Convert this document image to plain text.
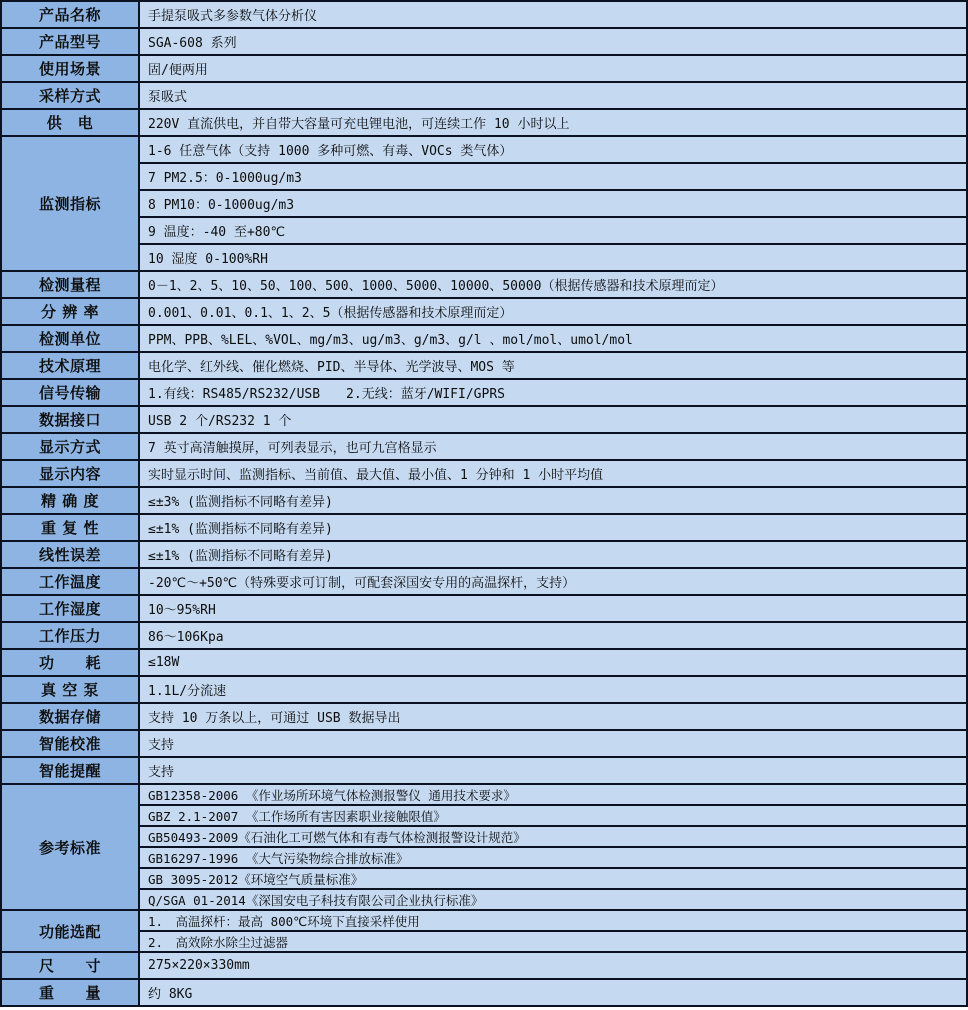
产品名称	手提泵吸式多参数气体分析仪
产品型号	SGA-608 系列
使用场景	固/便两用
采样方式	泵吸式
供　电	220V 直流供电，并自带大容量可充电锂电池，可连续工作 10 小时以上
监测指标
1-6 任意气体（支持 1000 多种可燃、有毒、VOCs 类气体）
7 PM2.5：0-1000ug/m3
8 PM10：0-1000ug/m3
9 温度：-40 至+80℃
10 湿度 0-100%RH
检测量程	0－1、2、5、10、50、100、500、1000、5000、10000、50000（根据传感器和技术原理而定）
分 辨 率	0.001、0.01、0.1、1、2、5（根据传感器和技术原理而定）
检测单位	PPM、PPB、%LEL、%VOL、mg/m3、ug/m3、g/m3、g/l 、mol/mol、umol/mol
技术原理	电化学、红外线、催化燃烧、PID、半导体、光学波导、MOS 等
信号传输	1.有线：RS485/RS232/USB　　2.无线：蓝牙/WIFI/GPRS
数据接口	USB 2 个/RS232 1 个
显示方式	7 英寸高清触摸屏，可列表显示，也可九宫格显示
显示内容	实时显示时间、监测指标、当前值、最大值、最小值、1 分钟和 1 小时平均值
精 确 度	≤±3% (监测指标不同略有差异)
重 复 性	≤±1% (监测指标不同略有差异)
线性误差	≤±1% (监测指标不同略有差异)
工作温度	-20℃～+50℃（特殊要求可订制，可配套深国安专用的高温探杆，支持）
工作湿度	10～95%RH
工作压力	86～106Kpa
功　　耗	≤18W
真 空 泵	1.1L/分流速
数据存储	支持 10 万条以上，可通过 USB 数据导出
智能校准	支持
智能提醒	支持
参考标准
GB12358-2006 《作业场所环境气体检测报警仪 通用技术要求》
GBZ 2.1-2007 《工作场所有害因素职业接触限值》
GB50493-2009《石油化工可燃气体和有毒气体检测报警设计规范》
GB16297-1996 《大气污染物综合排放标准》
GB 3095-2012《环境空气质量标准》
Q/SGA 01-2014《深国安电子科技有限公司企业执行标准》
功能选配
1.　高温探杆：最高 800℃环境下直接采样使用
2.　高效除水除尘过滤器
尺　　寸	275×220×330mm
重　　量	约 8KG
